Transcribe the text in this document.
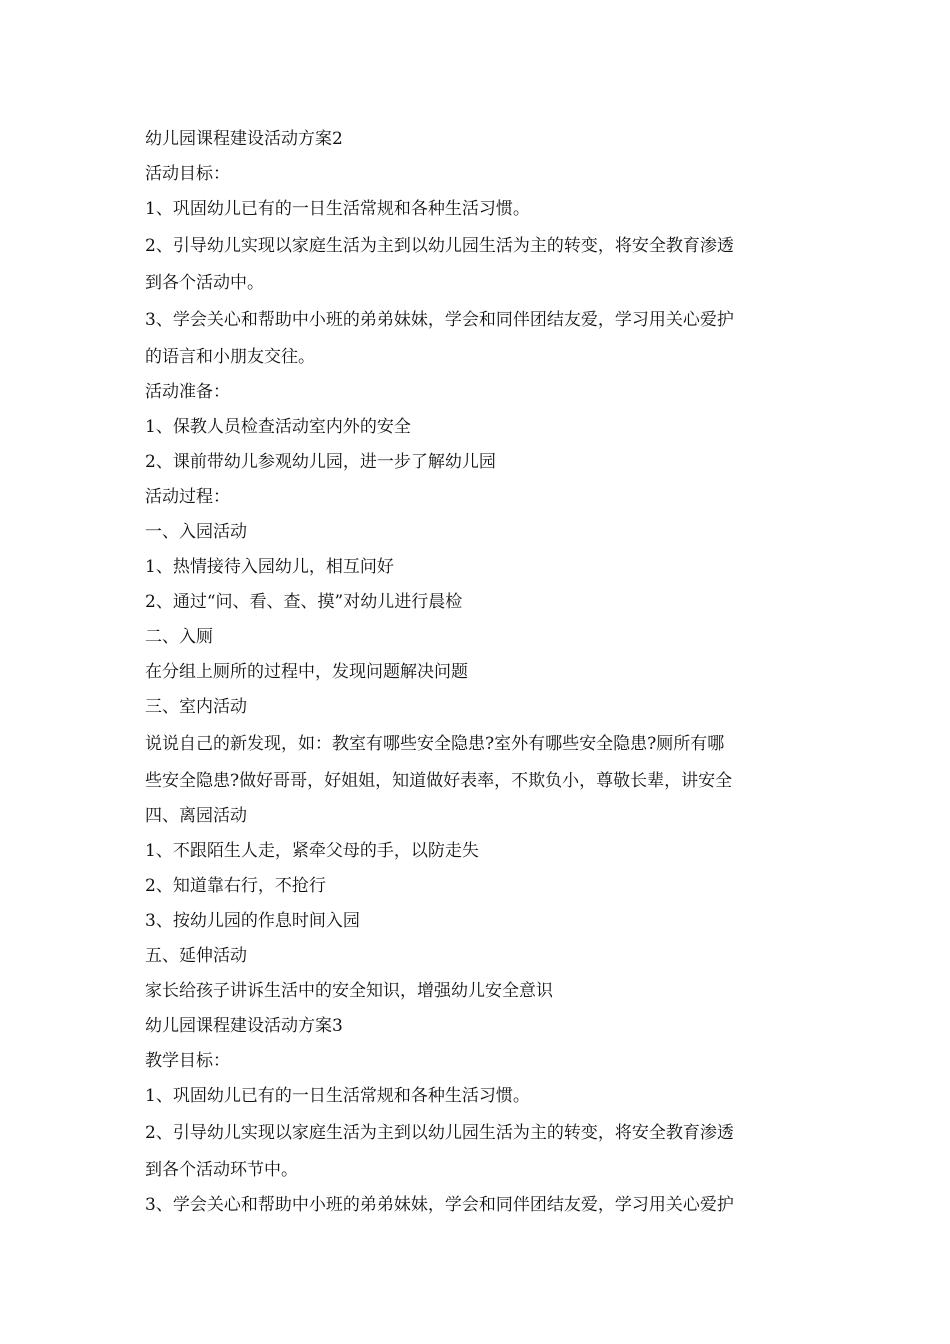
幼儿园课程建设活动方案2
活动目标：
1、巩固幼儿已有的一日生活常规和各种生活习惯。
2、引导幼儿实现以家庭生活为主到以幼儿园生活为主的转变，将安全教育渗透
到各个活动中。
3、学会关心和帮助中小班的弟弟妹妹，学会和同伴团结友爱，学习用关心爱护
的语言和小朋友交往。
活动准备：
1、保教人员检查活动室内外的安全
2、课前带幼儿参观幼儿园，进一步了解幼儿园
活动过程：
一、入园活动
1、热情接待入园幼儿，相互问好
2、通过“问、看、查、摸”对幼儿进行晨检
二、入厕
在分组上厕所的过程中，发现问题解决问题
三、室内活动
说说自己的新发现，如：教室有哪些安全隐患?室外有哪些安全隐患?厕所有哪
些安全隐患?做好哥哥，好姐姐，知道做好表率，不欺负小，尊敬长辈，讲安全
四、离园活动
1、不跟陌生人走，紧牵父母的手，以防走失
2、知道靠右行，不抢行
3、按幼儿园的作息时间入园
五、延伸活动
家长给孩子讲诉生活中的安全知识，增强幼儿安全意识
幼儿园课程建设活动方案3
教学目标：
1、巩固幼儿已有的一日生活常规和各种生活习惯。
2、引导幼儿实现以家庭生活为主到以幼儿园生活为主的转变，将安全教育渗透
到各个活动环节中。
3、学会关心和帮助中小班的弟弟妹妹，学会和同伴团结友爱，学习用关心爱护
